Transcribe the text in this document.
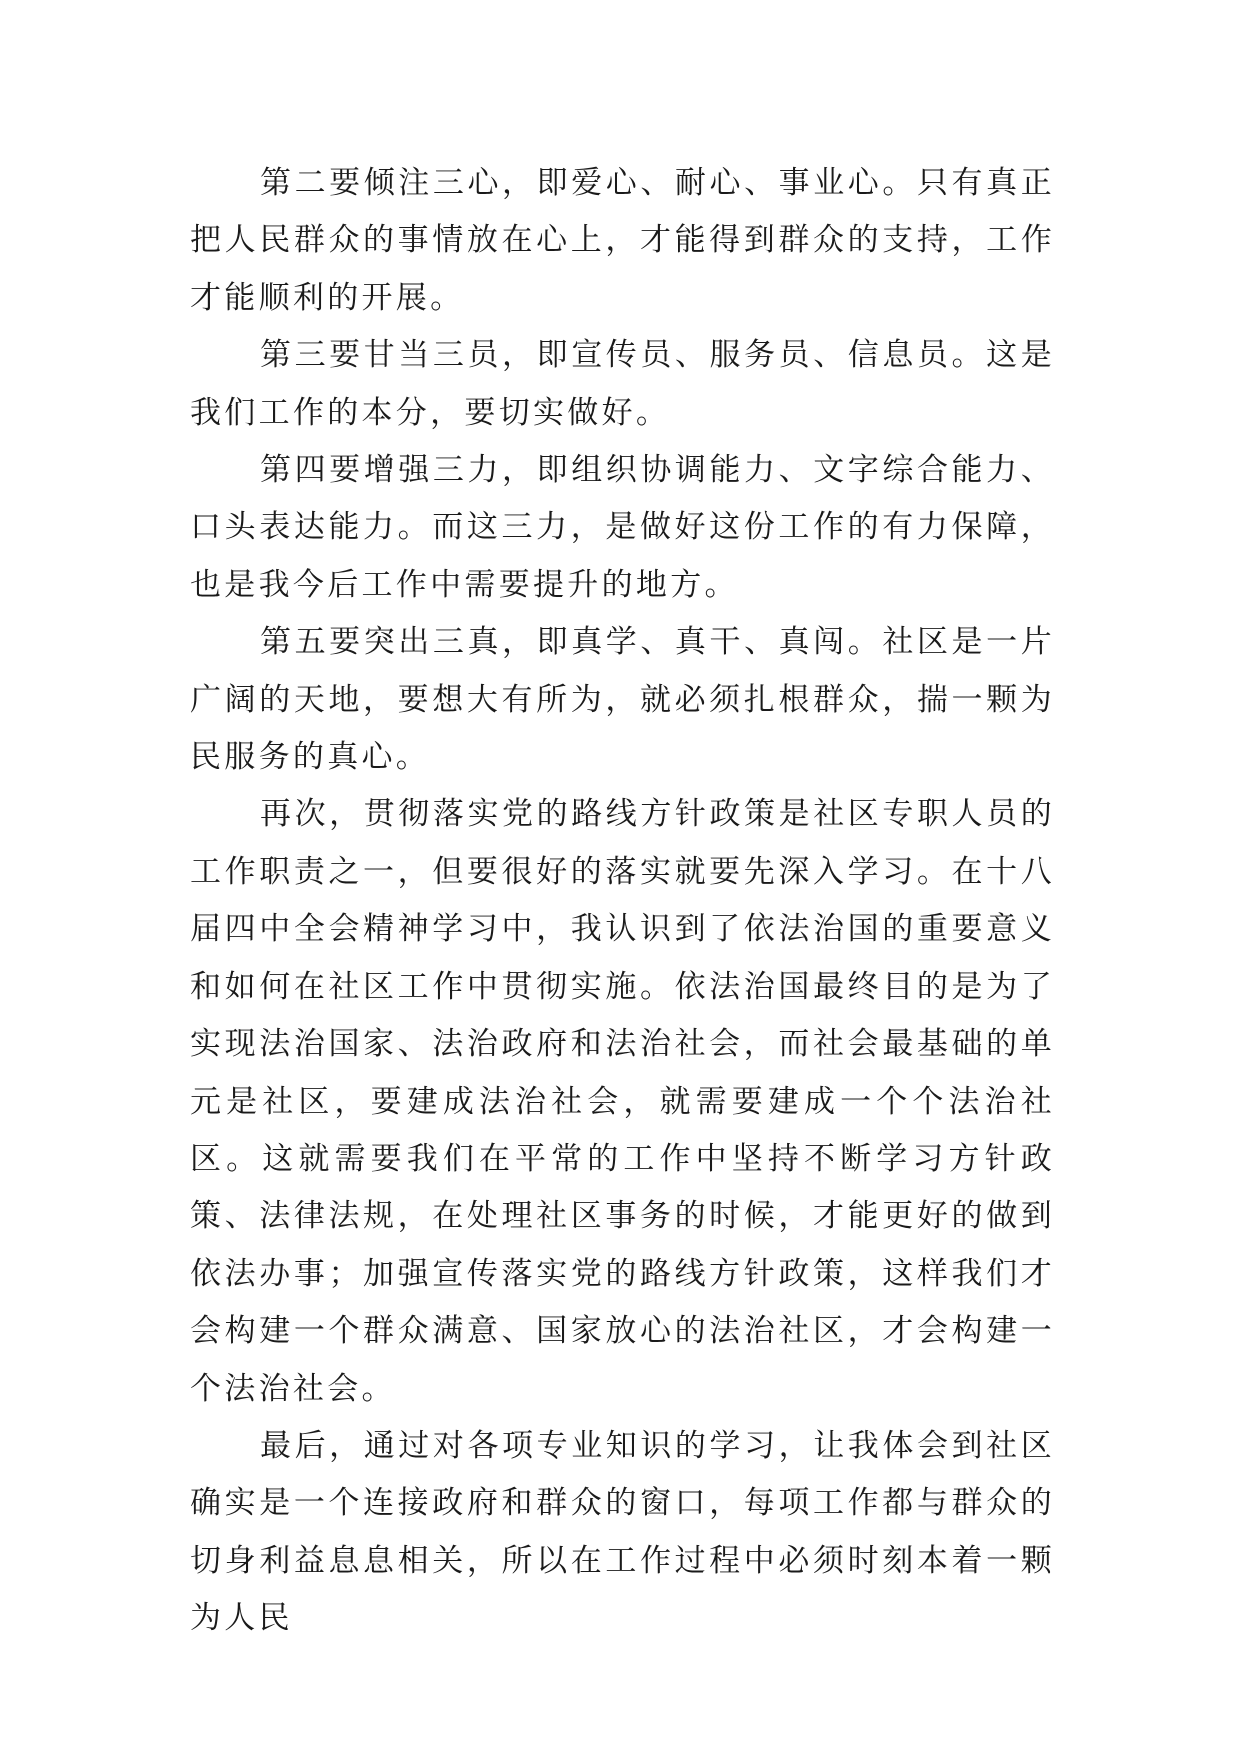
第二要倾注三心，即爱心、耐心、事业心。只有真正把人民群众的事情放在心上，才能得到群众的支持，工作才能顺利的开展。

第三要甘当三员，即宣传员、服务员、信息员。这是我们工作的本分，要切实做好。

第四要增强三力，即组织协调能力、文字综合能力、口头表达能力。而这三力，是做好这份工作的有力保障，也是我今后工作中需要提升的地方。

第五要突出三真，即真学、真干、真闯。社区是一片广阔的天地，要想大有所为，就必须扎根群众，揣一颗为民服务的真心。

再次，贯彻落实党的路线方针政策是社区专职人员的工作职责之一，但要很好的落实就要先深入学习。在十八届四中全会精神学习中，我认识到了依法治国的重要意义和如何在社区工作中贯彻实施。依法治国最终目的是为了实现法治国家、法治政府和法治社会，而社会最基础的单元是社区，要建成法治社会，就需要建成一个个法治社区。这就需要我们在平常的工作中坚持不断学习方针政策、法律法规，在处理社区事务的时候，才能更好的做到依法办事；加强宣传落实党的路线方针政策，这样我们才会构建一个群众满意、国家放心的法治社区，才会构建一个法治社会。

最后，通过对各项专业知识的学习，让我体会到社区确实是一个连接政府和群众的窗口，每项工作都与群众的切身利益息息相关，所以在工作过程中必须时刻本着一颗为人民
